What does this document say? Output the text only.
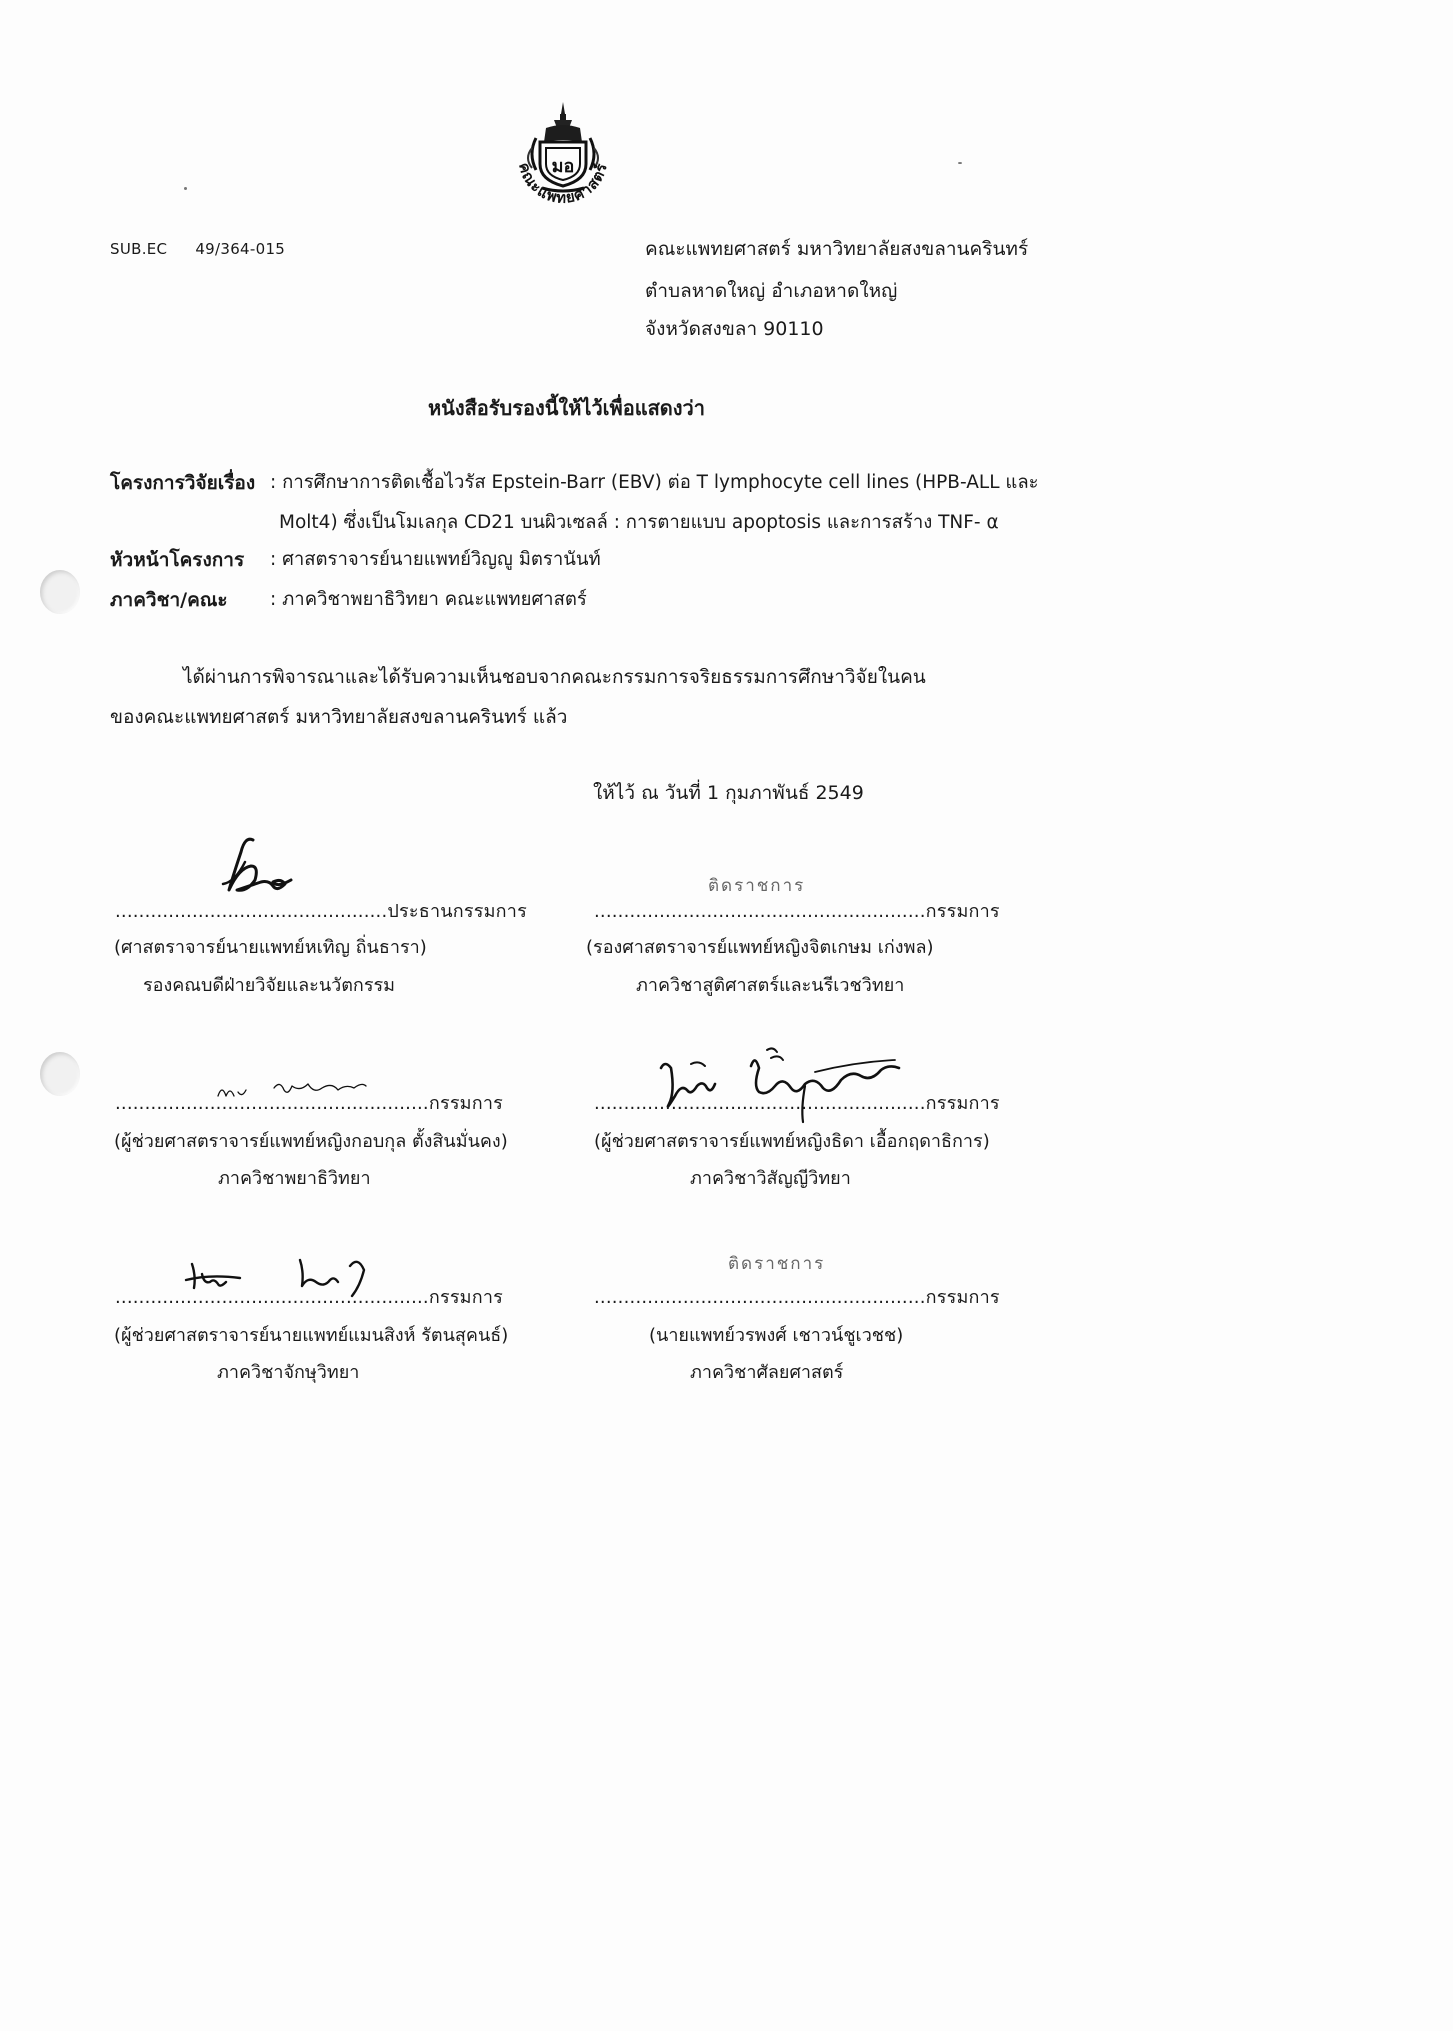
มอ
คณะแพทยศาสตร์
SUB.EC 49/364-015	คณะแพทยศาสตร์ มหาวิทยาลัยสงขลานครินทร์
ตำบลหาดใหญ่ อำเภอหาดใหญ่
จังหวัดสงขลา 90110
หนังสือรับรองนี้ให้ไว้เพื่อแสดงว่า
โครงการวิจัยเรื่อง : การศึกษาการติดเชื้อไวรัส Epstein-Barr (EBV) ต่อ T lymphocyte cell lines (HPB-ALL และ
Molt4) ซึ่งเป็นโมเลกุล CD21 บนผิวเซลล์ : การตายแบบ apoptosis และการสร้าง TNF- α
หัวหน้าโครงการ : ศาสตราจารย์นายแพทย์วิญญู มิตรานันท์
ภาควิชา/คณะ : ภาควิชาพยาธิวิทยา คณะแพทยศาสตร์
ได้ผ่านการพิจารณาและได้รับความเห็นชอบจากคณะกรรมการจริยธรรมการศึกษาวิจัยในคน
ของคณะแพทยศาสตร์ มหาวิทยาลัยสงขลานครินทร์ แล้ว
ให้ไว้ ณ วันที่ 1 กุมภาพันธ์ 2549
..............................................ประธานกรรมการ
(ศาสตราจารย์นายแพทย์หเทิญ ถิ่นธารา)
รองคณบดีฝ่ายวิจัยและนวัตกรรม
ติดราชการ
........................................................กรรมการ
(รองศาสตราจารย์แพทย์หญิงจิตเกษม เก่งพล)
ภาควิชาสูติศาสตร์และนรีเวชวิทยา
.....................................................กรรมการ
(ผู้ช่วยศาสตราจารย์แพทย์หญิงกอบกุล ตั้งสินมั่นคง)
ภาควิชาพยาธิวิทยา
........................................................กรรมการ
(ผู้ช่วยศาสตราจารย์แพทย์หญิงธิดา เอื้อกฤดาธิการ)
ภาควิชาวิสัญญีวิทยา
.....................................................กรรมการ
(ผู้ช่วยศาสตราจารย์นายแพทย์แมนสิงห์ รัตนสุคนธ์)
ภาควิชาจักษุวิทยา
ติดราชการ
........................................................กรรมการ
(นายแพทย์วรพงศ์ เชาวน์ชูเวชช)
ภาควิชาศัลยศาสตร์
